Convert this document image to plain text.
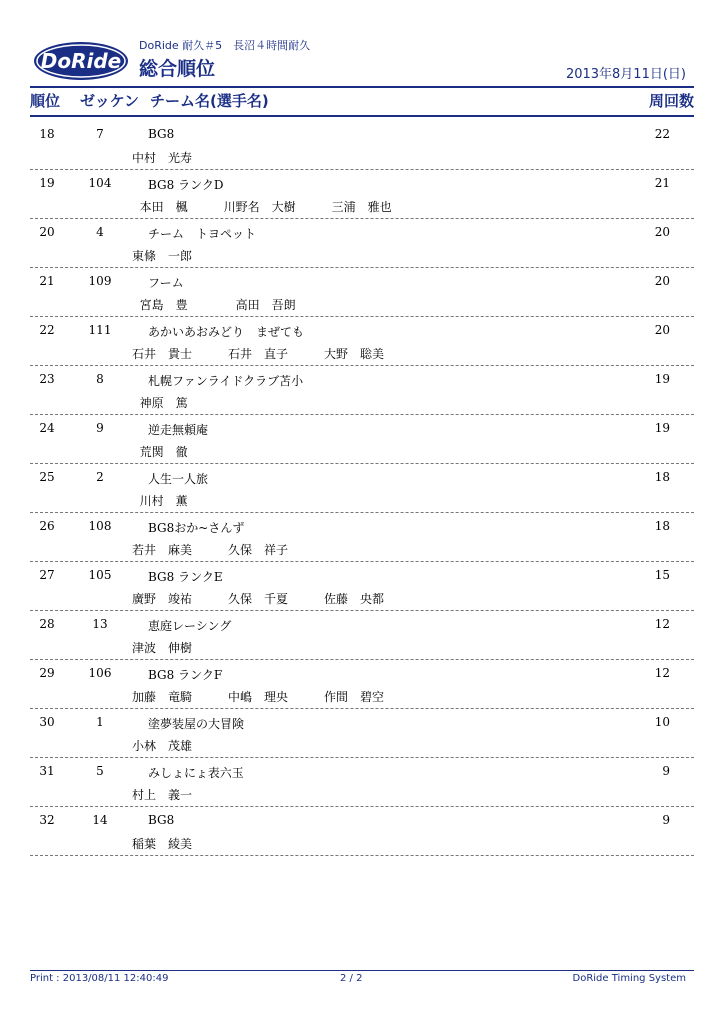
DoRide
DoRide 耐久＃5　長沼４時間耐久
総合順位	2013年8月11日(日)
順位 ゼッケン チーム名(選手名)	周回数
18	7	BG8	22
中村　光寿
19	104	BG8 ランクD	21
本田　楓　　　川野名　大樹　　　三浦　雅也
20	4	チーム　トヨペット	20
東條　一郎
21	109	フーム	20
宮島　豊　　　　高田　吾朗
22	111	あかいあおみどり　まぜても	20
石井　貴士　　　石井　直子　　　大野　聡美
23	8	札幌ファンライドクラブ苫小	19
神原　篤
24	9	逆走無頼庵	19
荒関　徹
25	2	人生一人旅	18
川村　薫
26	108	BG8おか~さんず	18
若井　麻美　　　久保　祥子
27	105	BG8 ランクE	15
廣野　竣祐　　　久保　千夏　　　佐藤　央都
28	13	恵庭レーシング	12
津波　伸樹
29	106	BG8 ランクF	12
加藤　竜騎　　　中嶋　理央　　　作間　碧空
30	1	塗夢装屋の大冒険	10
小林　茂雄
31	5	みしょにょ表六玉	9
村上　義一
32	14	BG8	9
稲葉　綾美
Print : 2013/08/11 12:40:49	2 / 2	DoRide Timing System
